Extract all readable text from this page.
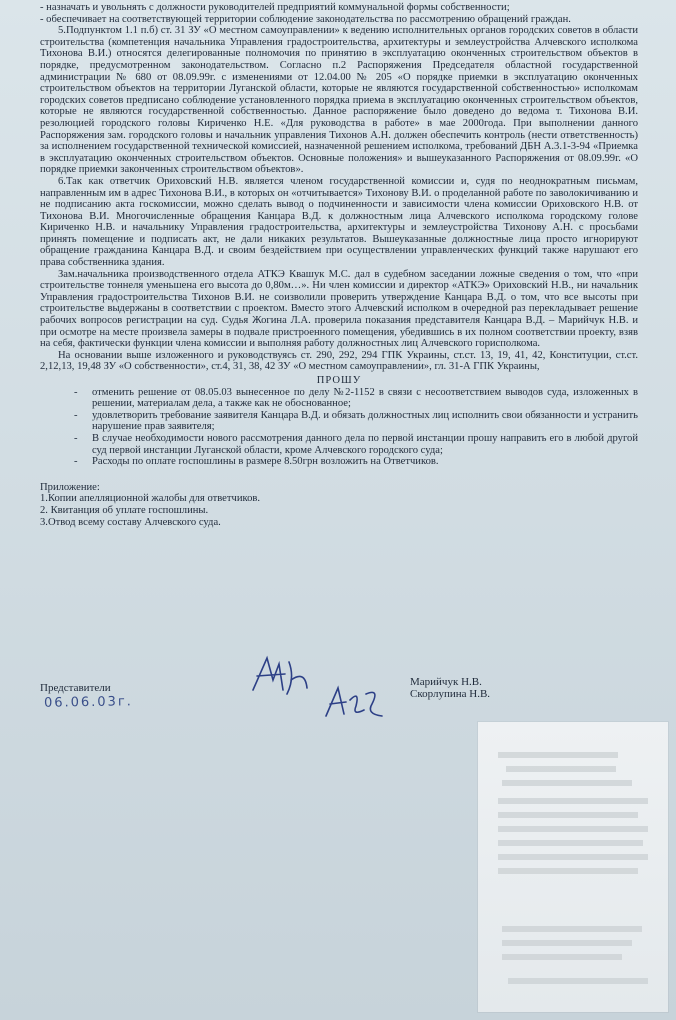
- назначать и увольнять с должности руководителей предприятий коммунальной формы собственности;

- обеспечивает на соответствующей территории соблюдение законодательства по рассмотрению обращений граждан.

5.Подпунктом 1.1 п.б) ст. 31 ЗУ «О местном самоуправлении» к ведению исполнительных органов городских советов в области строительства (компетенция начальника Управления градостроительства, архитектуры и землеустройства Алчевского исполкома Тихонова В.И.) относятся делегированные полномочия по принятию в эксплуатацию оконченных строительством объектов в порядке, предусмотренном законодательством. Согласно п.2 Распоряжения Председателя областной государственной администрации № 680 от 08.09.99г. с изменениями от 12.04.00 № 205 «О порядке приемки в эксплуатацию оконченных строительством объектов на территории Луганской области, которые не являются государственной собственностью» исполкомам городских советов предписано соблюдение установленного порядка приема в эксплуатацию оконченных строительством объектов, которые не являются государственной собственностью. Данное распоряжение было доведено до ведома т. Тихонова В.И. резолюцией городского головы Кириченко Н.Е. «Для руководства в работе» в мае 2000года. При выполнении данного Распоряжения зам. городского головы и начальник управления Тихонов А.Н. должен обеспечить контроль (нести ответственность) за исполнением государственной технической комиссией, назначенной решением исполкома, требований ДБН А.3.1-3-94 «Приемка в эксплуатацию оконченных строительством объектов. Основные положения» и вышеуказанного Распоряжения от 08.09.99г. «О порядке приемки законченных строительством объектов».

6.Так как ответчик Ориховский Н.В. является членом государственной комиссии и, судя по неоднократным письмам, направленным им в адрес Тихонова В.И., в которых он «отчитывается» Тихонову В.И. о проделанной работе по заволокичиванию и не подписанию акта госкомиссии, можно сделать вывод о подчиненности и зависимости члена комиссии Ориховского Н.В. от Тихонова В.И. Многочисленные обращения Канцара В.Д. к должностным лица Алчевского исполкома городскому голове Кириченко Н.В. и начальнику Управления градостроительства, архитектуры и землеустройства Тихонову А.Н. с просьбами принять помещение и подписать акт, не дали никаких результатов. Вышеуказанные должностные лица просто игнорируют обращение гражданина Канцара В.Д. и своим бездействием при осуществлении управленческих функций также нарушают его права собственника здания.

Зам.начальника производственного отдела АТКЭ Квашук М.С. дал в судебном заседании ложные сведения о том, что «при строительстве тоннеля уменьшена его высота до 0,80м…». Ни член комиссии и директор «АТКЭ» Ориховский Н.В., ни начальник Управления градостроительства Тихонов В.И. не соизволили проверить утверждение Канцара В.Д. о том, что все высоты при строительстве выдержаны в соответствии с проектом. Вместо этого Алчевский исполком в очередной раз перекладывает решение рабочих вопросов регистрации на суд. Судья Жогина Л.А. проверила показания представителя Канцара В.Д. – Марийчук Н.В. и при осмотре на месте произвела замеры в подвале пристроенного помещения, убедившись в их полном соответствии проекту, взяв на себя, фактически функции члена комиссии и выполняя работу должностных лиц Алчевского горисполкома.

На основании выше изложенного и руководствуясь ст. 290, 292, 294 ГПК Украины, ст.ст. 13, 19, 41, 42, Конституции, ст.ст. 2,12,13, 19,48 ЗУ «О собственности», ст.4, 31, 38, 42 ЗУ «О местном самоуправлении», гл. 31-А ГПК Украины,

ПРОШУ

- отменить решение от 08.05.03 вынесенное по делу №2-1152 в связи с несоответствием выводов суда, изложенных в решении, материалам дела, а также как не обоснованное;
- удовлетворить требование заявителя Канцара В.Д. и обязать должностных лиц исполнить свои обязанности и устранить нарушение прав заявителя;
- В случае необходимости нового рассмотрения данного дела по первой инстанции прошу направить его в любой другой суд первой инстанции Луганской области, кроме Алчевского городского суда;
- Расходы по оплате госпошлины в размере 8.50грн возложить на Ответчиков.

Приложение:

1.Копии апелляционной жалобы для ответчиков.
2. Квитанция об уплате госпошлины.
3.Отвод всему составу Алчевского суда.
Представители
06.06.03г.
Марийчук Н.В.
Скорлупина Н.В.
